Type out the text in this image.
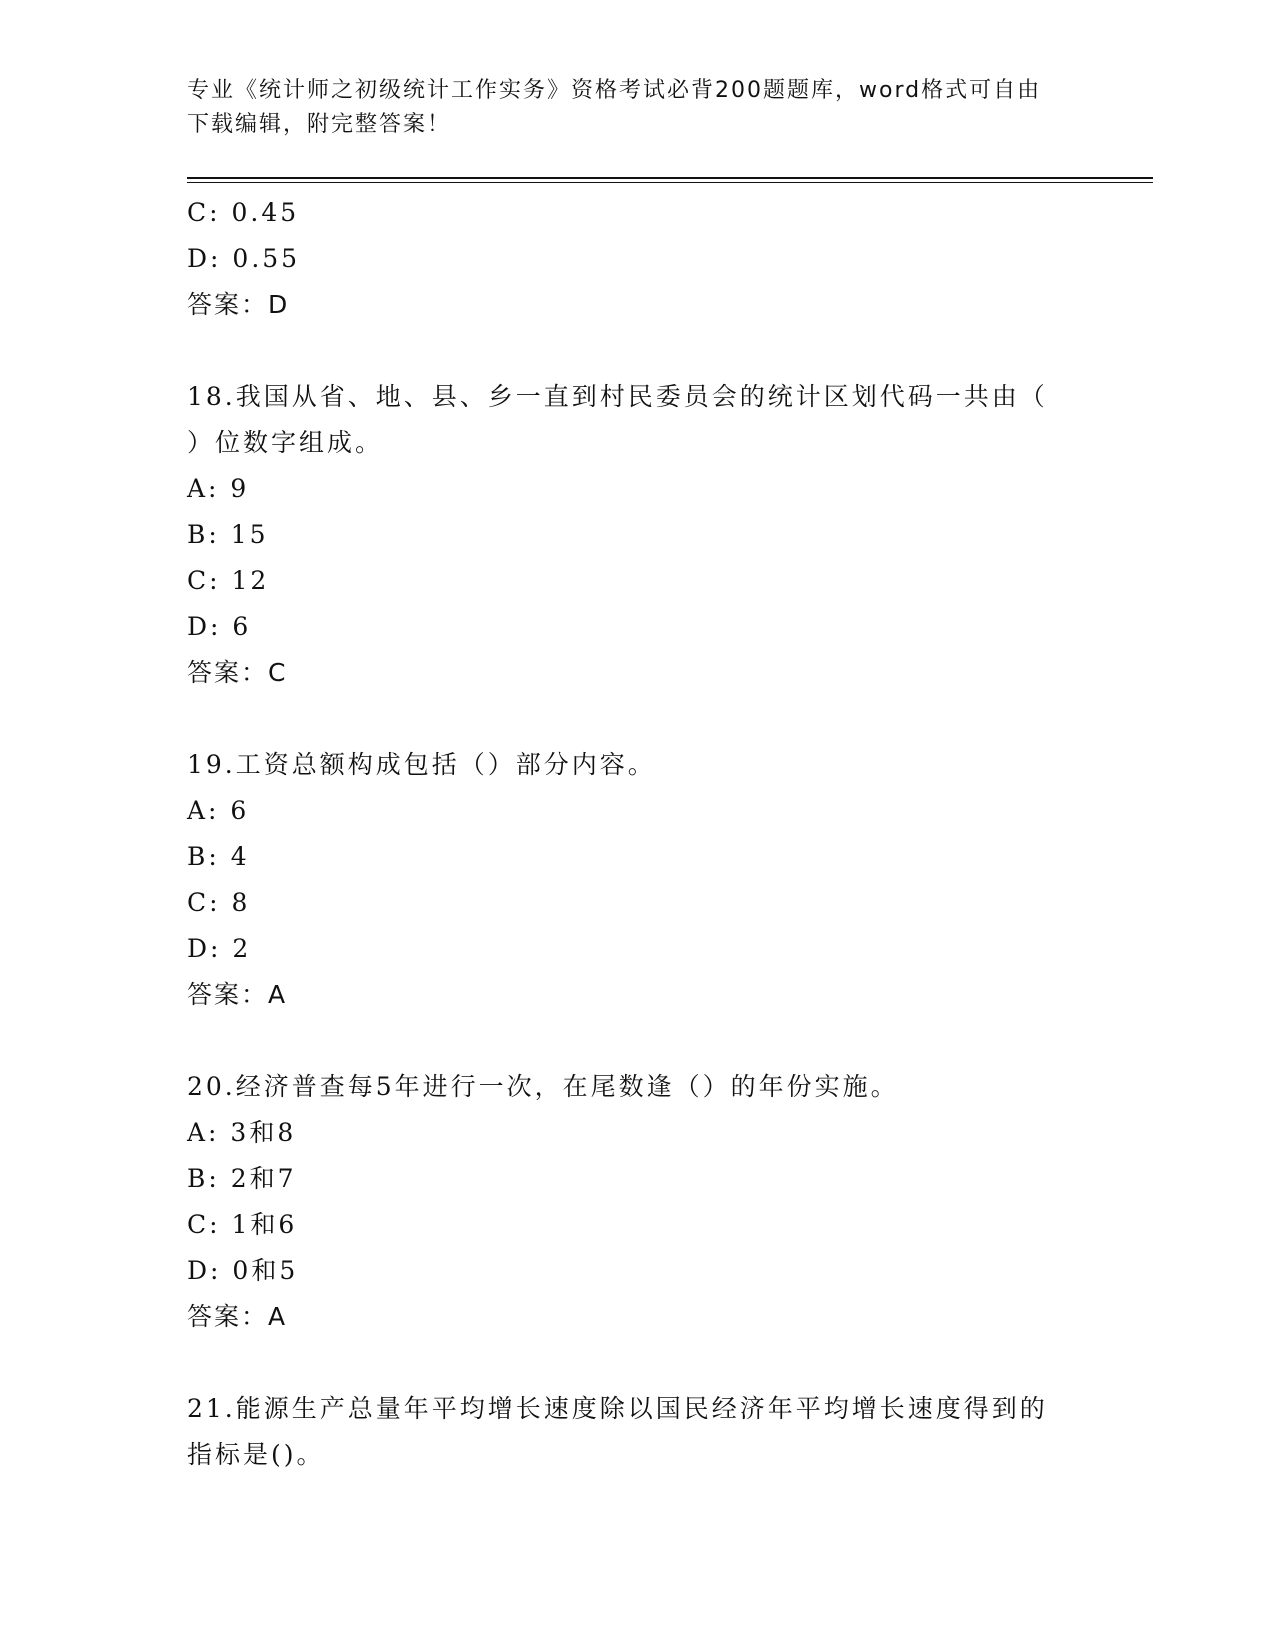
专业《统计师之初级统计工作实务》资格考试必背200题题库，word格式可自由
下载编辑，附完整答案！

C: 0.45

D: 0.55

答案：D

18.我国从省、地、县、乡一直到村民委员会的统计区划代码一共由（

）位数字组成。

A: 9

B: 15

C: 12

D: 6

答案：C

19.工资总额构成包括（）部分内容。

A: 6

B: 4

C: 8

D: 2

答案：A

20.经济普查每5年进行一次，在尾数逢（）的年份实施。

A: 3和8

B: 2和7

C: 1和6

D: 0和5

答案：A

21.能源生产总量年平均增长速度除以国民经济年平均增长速度得到的

指标是()。
